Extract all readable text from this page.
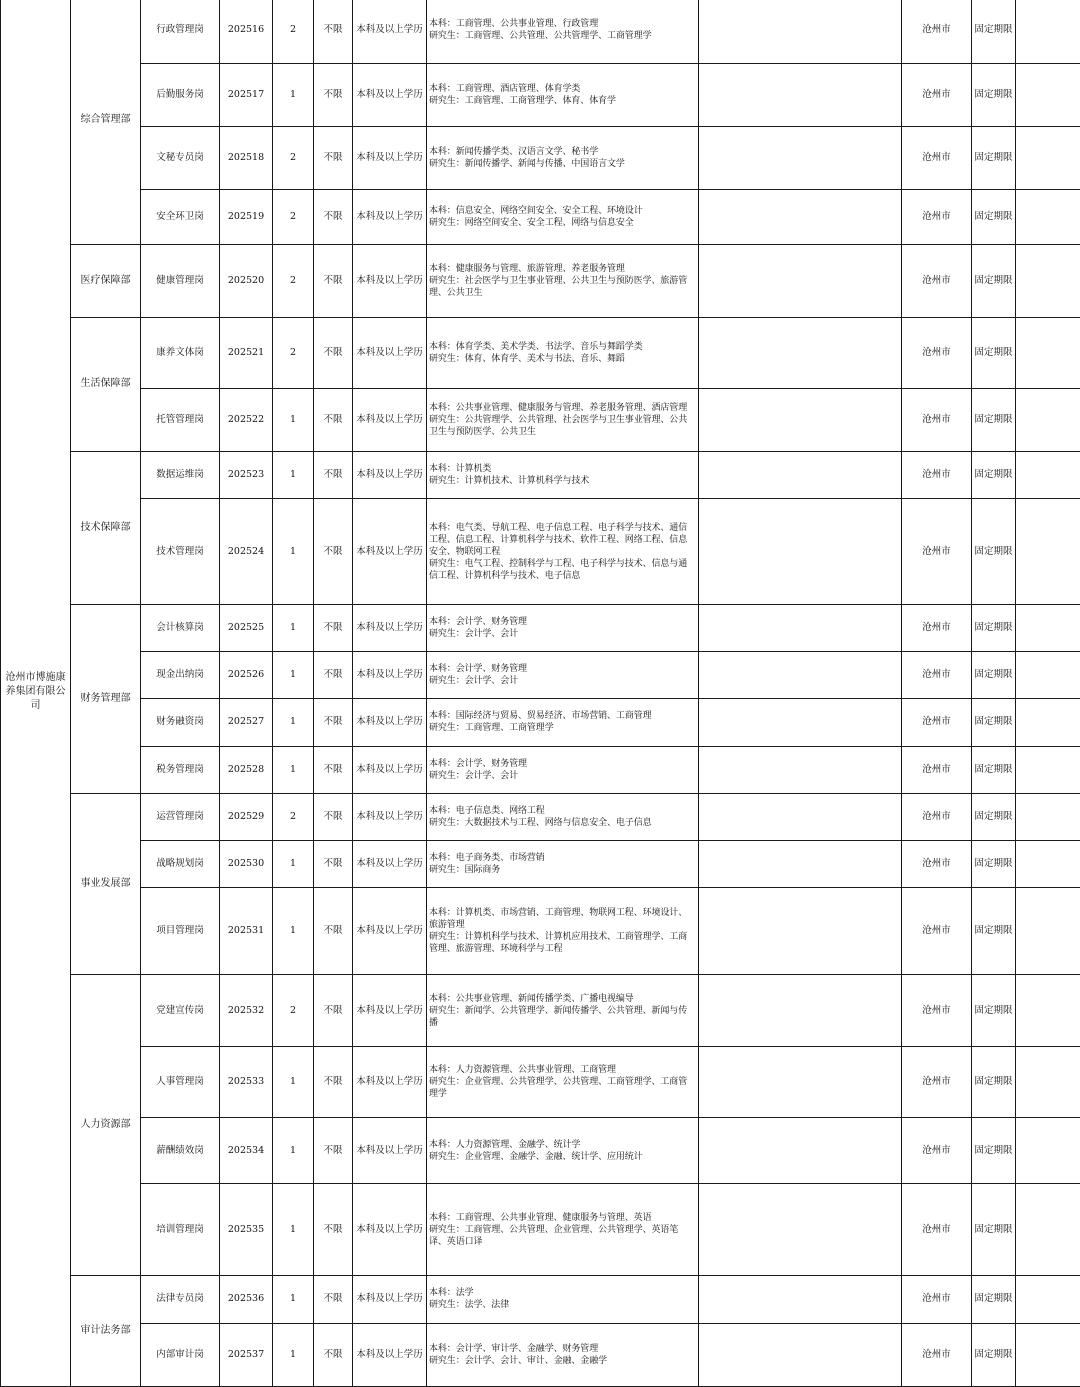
沧州市博施康养集团有限公司	综合管理部	行政管理岗	202516	2	不限	本科及以上学历	本科：工商管理、公共事业管理、行政管理
研究生：工商管理、公共管理、公共管理学、工商管理学		沧州市	固定期限	
		后勤服务岗	202517	1	不限	本科及以上学历	本科：工商管理、酒店管理、体育学类
研究生：工商管理、工商管理学、体育、体育学		沧州市	固定期限	
		文秘专员岗	202518	2	不限	本科及以上学历	本科：新闻传播学类、汉语言文学、秘书学
研究生：新闻传播学、新闻与传播、中国语言文学		沧州市	固定期限	
		安全环卫岗	202519	2	不限	本科及以上学历	本科：信息安全、网络空间安全、安全工程、环境设计
研究生：网络空间安全、安全工程、网络与信息安全		沧州市	固定期限	
	医疗保障部	健康管理岗	202520	2	不限	本科及以上学历	本科：健康服务与管理、旅游管理、养老服务管理
研究生：社会医学与卫生事业管理、公共卫生与预防医学、旅游管理、公共卫生		沧州市	固定期限	
	生活保障部	康养文体岗	202521	2	不限	本科及以上学历	本科：体育学类、美术学类、书法学、音乐与舞蹈学类
研究生：体育、体育学、美术与书法、音乐、舞蹈		沧州市	固定期限	
		托管管理岗	202522	1	不限	本科及以上学历	本科：公共事业管理、健康服务与管理、养老服务管理、酒店管理
研究生：公共管理学、公共管理、社会医学与卫生事业管理、公共卫生与预防医学、公共卫生		沧州市	固定期限	
	技术保障部	数据运维岗	202523	1	不限	本科及以上学历	本科：计算机类
研究生：计算机技术、计算机科学与技术		沧州市	固定期限	
		技术管理岗	202524	1	不限	本科及以上学历	本科：电气类、导航工程、电子信息工程、电子科学与技术、通信工程、信息工程、计算机科学与技术、软件工程、网络工程、信息安全、物联网工程
研究生：电气工程、控制科学与工程、电子科学与技术、信息与通信工程、计算机科学与技术、电子信息		沧州市	固定期限	
	财务管理部	会计核算岗	202525	1	不限	本科及以上学历	本科：会计学、财务管理
研究生：会计学、会计		沧州市	固定期限	
		现金出纳岗	202526	1	不限	本科及以上学历	本科：会计学、财务管理
研究生：会计学、会计		沧州市	固定期限	
		财务融资岗	202527	1	不限	本科及以上学历	本科：国际经济与贸易、贸易经济、市场营销、工商管理
研究生：工商管理、工商管理学		沧州市	固定期限	
		税务管理岗	202528	1	不限	本科及以上学历	本科：会计学、财务管理
研究生：会计学、会计		沧州市	固定期限	
	事业发展部	运营管理岗	202529	2	不限	本科及以上学历	本科：电子信息类、网络工程
研究生：大数据技术与工程、网络与信息安全、电子信息		沧州市	固定期限	
		战略规划岗	202530	1	不限	本科及以上学历	本科：电子商务类、市场营销
研究生：国际商务		沧州市	固定期限	
		项目管理岗	202531	1	不限	本科及以上学历	本科：计算机类、市场营销、工商管理、物联网工程、环境设计、旅游管理
研究生：计算机科学与技术、计算机应用技术、工商管理学、工商管理、旅游管理、环境科学与工程		沧州市	固定期限	
	人力资源部	党建宣传岗	202532	2	不限	本科及以上学历	本科：公共事业管理、新闻传播学类、广播电视编导
研究生：新闻学、公共管理学、新闻传播学、公共管理、新闻与传播		沧州市	固定期限	
		人事管理岗	202533	1	不限	本科及以上学历	本科：人力资源管理、公共事业管理、工商管理
研究生：企业管理、公共管理学、公共管理、工商管理学、工商管理学		沧州市	固定期限	
		薪酬绩效岗	202534	1	不限	本科及以上学历	本科：人力资源管理、金融学、统计学
研究生：企业管理、金融学、金融、统计学、应用统计		沧州市	固定期限	
		培训管理岗	202535	1	不限	本科及以上学历	本科：工商管理、公共事业管理、健康服务与管理、英语
研究生：工商管理、公共管理、企业管理、公共管理学、英语笔译、英语口译		沧州市	固定期限	
	审计法务部	法律专员岗	202536	1	不限	本科及以上学历	本科：法学
研究生：法学、法律		沧州市	固定期限	
		内部审计岗	202537	1	不限	本科及以上学历	本科：会计学、审计学、金融学、财务管理
研究生：会计学、会计、审计、金融、金融学		沧州市	固定期限	
